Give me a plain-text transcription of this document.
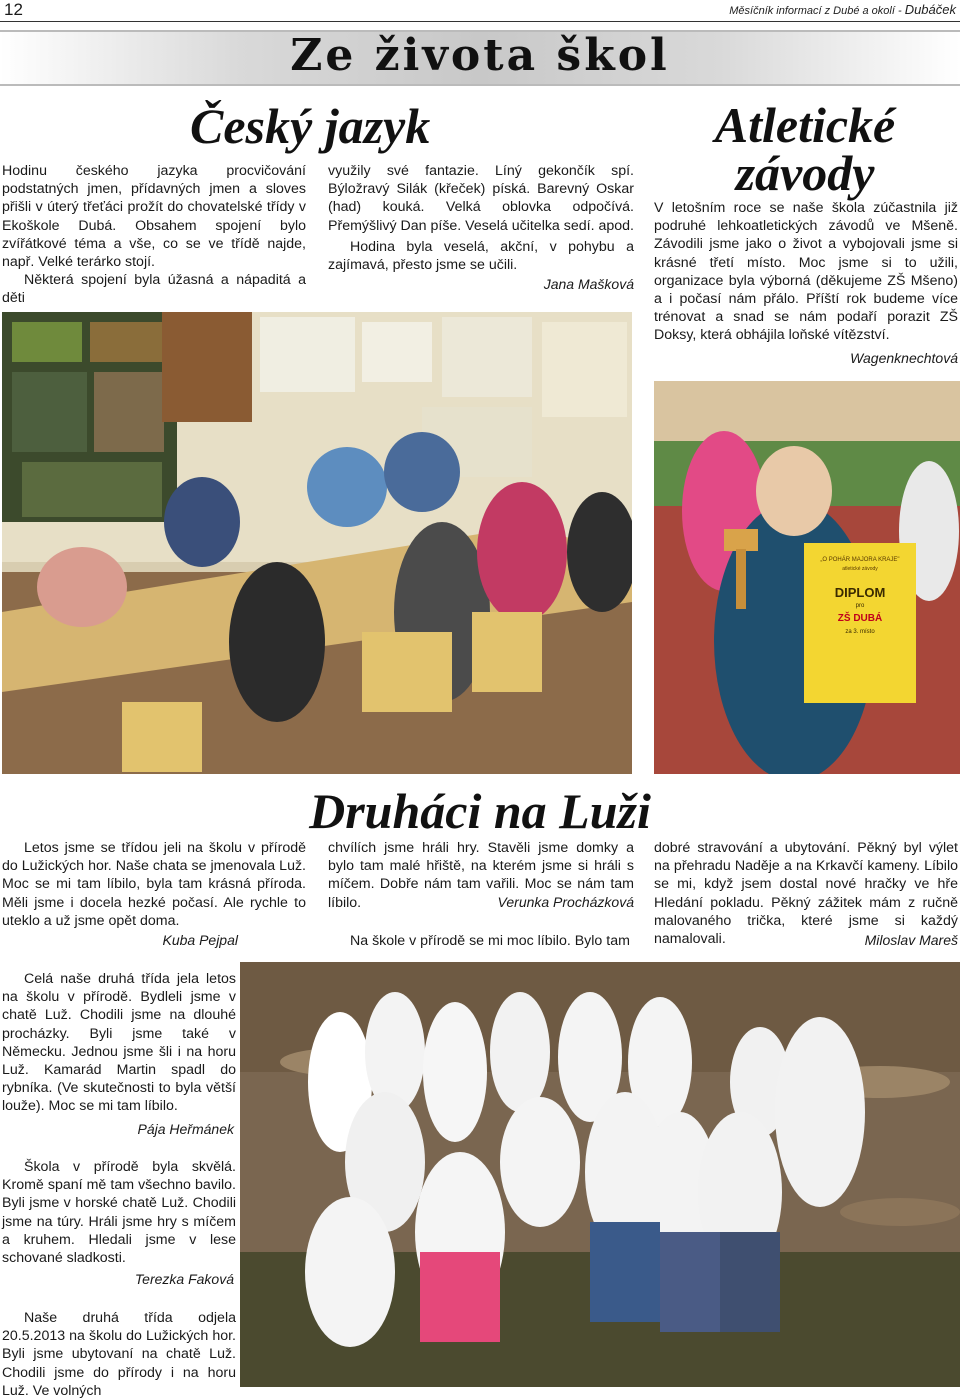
12	Měsíčník informací z Dubé a okolí - Dubáček
Ze života škol
Český jazyk
Hodinu českého jazyka procvičování podstatných jmen, přídavných jmen a sloves přišli v úterý třeťáci prožít do chovatelské třídy v Ekoškole Dubá. Obsahem spojení bylo zvířátkové téma a vše, co se ve třídě najde, např. Velké terárko stojí.
Některá spojení byla úžasná a nápaditá a děti
využily své fantazie. Líný gekončík spí. Býložravý Silák (křeček) píská. Barevný Oskar (had) kouká. Velká oblovka odpočívá. Přemýšlivý Dan píše. Veselá učitelka sedí. apod.
Hodina byla veselá, akční, v pohybu a zajímavá, přesto jsme se učili.
Jana Mašková
Atletické
závody
V letošním roce se naše škola zúčastnila již podruhé lehkoatletických závodů ve Mšeně. Závodili jsme jako o život a vybojovali jsme si krásné třetí místo. Moc jsme si to užili, organizace byla výborná (děkujeme ZŠ Mšeno) a i počasí nám přálo. Příští rok budeme více trénovat a snad se nám podaří porazit ZŠ Doksy, která obhájila loňské vítězství.
Wagenknechtová
„O POHÁR MAJORA KRAJE"
atletické závody
DIPLOM
pro
ZŠ DUBÁ
za 3. místo
Druháci na Luži
Letos jsme se třídou jeli na školu v přírodě do Lužických hor. Naše chata se jmenovala Luž. Moc se mi tam líbilo, byla tam krásná příroda. Měli jsme i docela hezké počasí. Ale rychle to uteklo a už jsme opět doma.
Kuba Pejpal
chvílích jsme hráli hry. Stavěli jsme domky a bylo tam malé hřiště, na kterém jsme si hráli s míčem. Dobře nám tam vařili. Moc se nám tam líbilo.	Verunka Procházková
Na škole v přírodě se mi moc líbilo. Bylo tam
dobré stravování a ubytování. Pěkný byl výlet na přehradu Naděje a na Krkavčí kameny. Líbilo se mi, když jsem dostal nové hračky ve hře Hledání pokladu. Pěkný zážitek mám z ručně malovaného trička, které jsme si každý namalovali.	Miloslav Mareš
Celá naše druhá třída jela letos na školu v přírodě. Bydleli jsme v chatě Luž. Chodili jsme na dlouhé procházky. Byli jsme také v Německu. Jednou jsme šli i na horu Luž. Kamarád Martin spadl do rybníka. (Ve skutečnosti to byla větší louže). Moc se mi tam líbilo.
Pája Heřmánek
Škola v přírodě byla skvělá. Kromě spaní mě tam všechno bavilo. Byli jsme v horské chatě Luž. Chodili jsme na túry. Hráli jsme hry s míčem a kruhem. Hledali jsme v lese schované sladkosti.
Terezka Faková
Naše druhá třída odjela 20.5.2013 na školu do Lužických hor. Byli jsme ubytovaní na chatě Luž. Chodili jsme do přírody i na horu Luž. Ve volných
